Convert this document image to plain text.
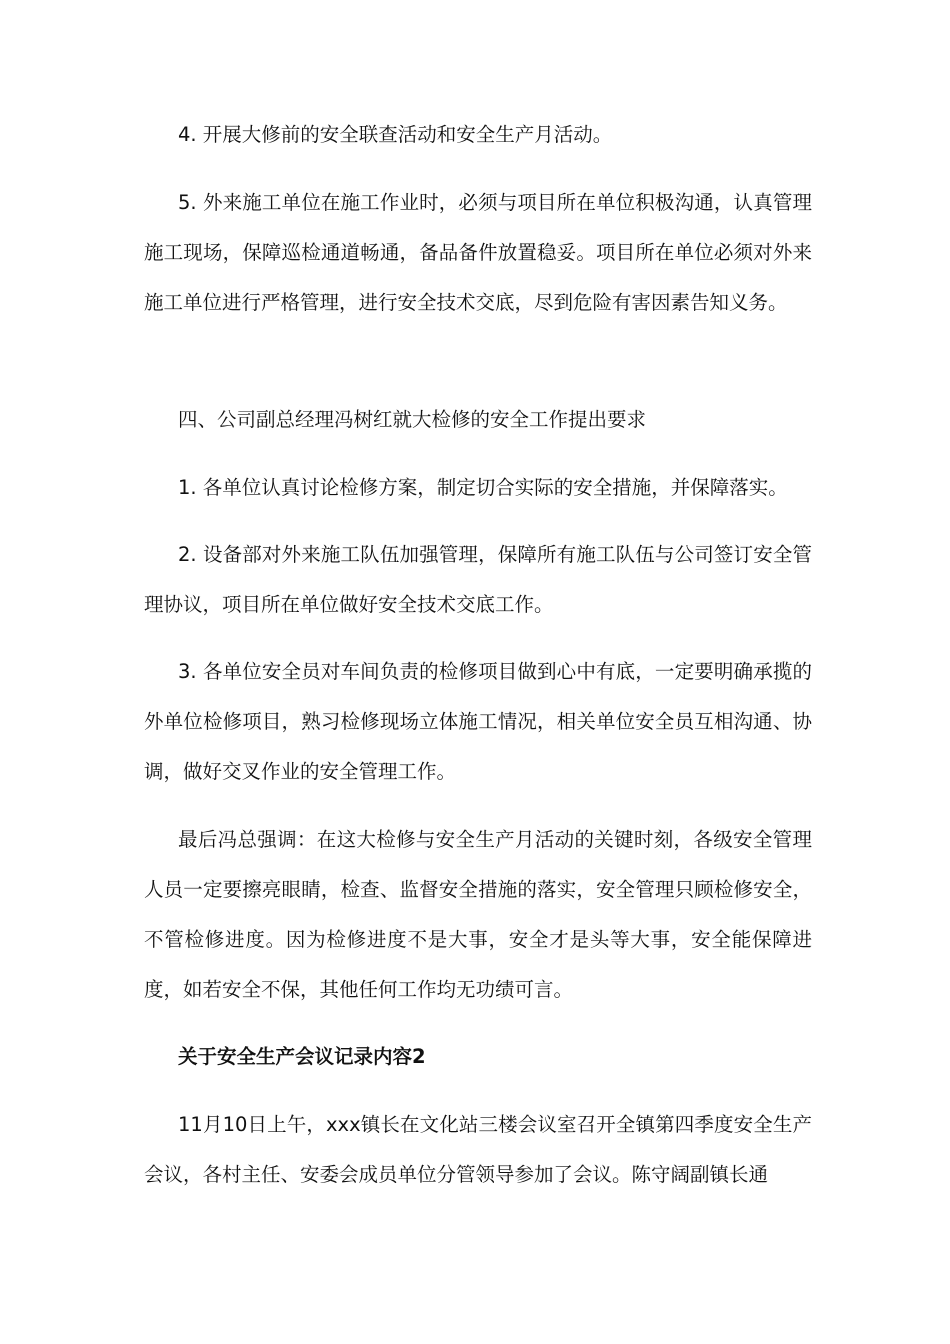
4. 开展大修前的安全联查活动和安全生产月活动。

5. 外来施工单位在施工作业时，必须与项目所在单位积极沟通，认真管理施工现场，保障巡检通道畅通，备品备件放置稳妥。项目所在单位必须对外来施工单位进行严格管理，进行安全技术交底，尽到危险有害因素告知义务。

四、公司副总经理冯树红就大检修的安全工作提出要求

1. 各单位认真讨论检修方案，制定切合实际的安全措施，并保障落实。

2. 设备部对外来施工队伍加强管理，保障所有施工队伍与公司签订安全管理协议，项目所在单位做好安全技术交底工作。

3. 各单位安全员对车间负责的检修项目做到心中有底，一定要明确承揽的外单位检修项目，熟习检修现场立体施工情况，相关单位安全员互相沟通、协调，做好交叉作业的安全管理工作。

最后冯总强调：在这大检修与安全生产月活动的关键时刻，各级安全管理人员一定要擦亮眼睛，检查、监督安全措施的落实，安全管理只顾检修安全，不管检修进度。因为检修进度不是大事，安全才是头等大事，安全能保障进度，如若安全不保，其他任何工作均无功绩可言。

关于安全生产会议记录内容2

11月10日上午，xxx镇长在文化站三楼会议室召开全镇第四季度安全生产会议，各村主任、安委会成员单位分管领导参加了会议。陈守阔副镇长通
